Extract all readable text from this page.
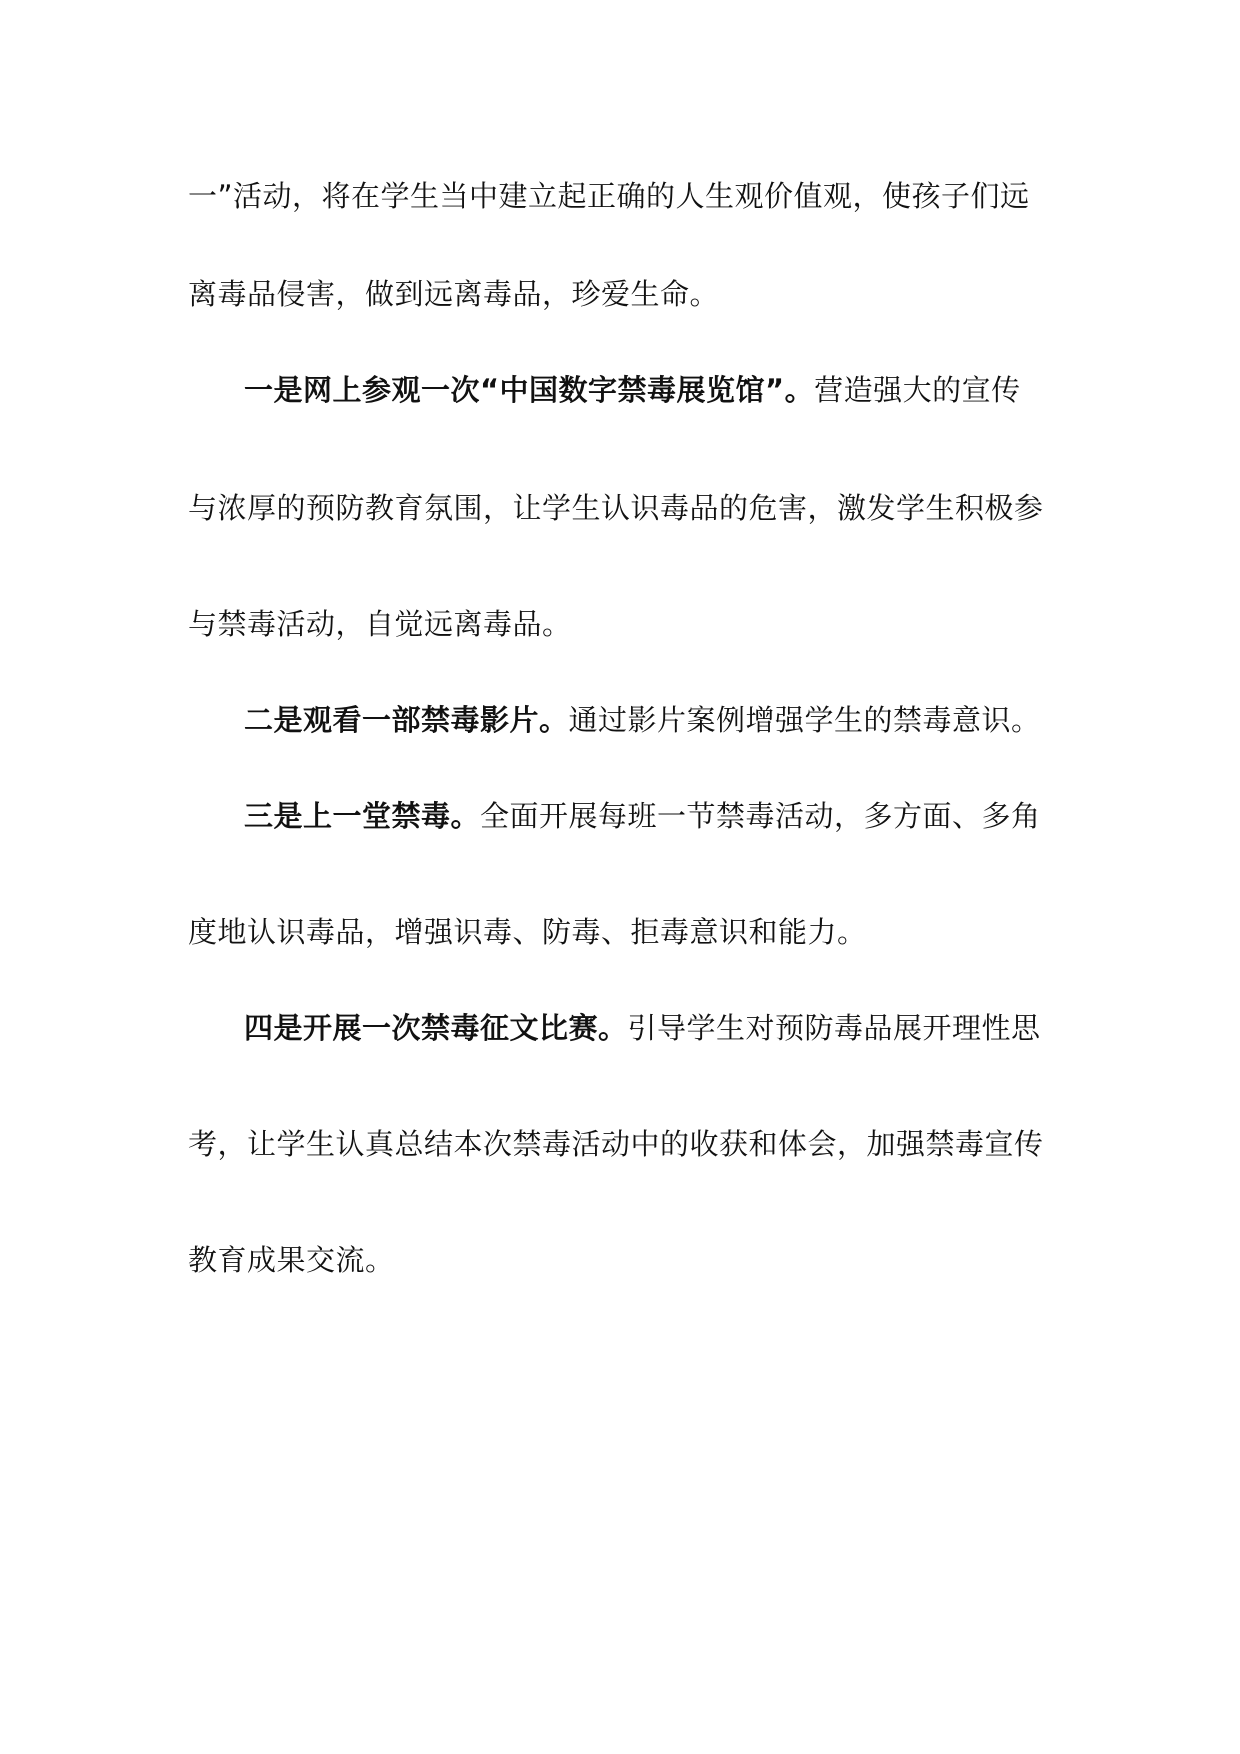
一”活动，将在学生当中建立起正确的人生观价值观，使孩子们远
离毒品侵害，做到远离毒品，珍爱生命。
一是网上参观一次“中国数字禁毒展览馆”。营造强大的宣传
与浓厚的预防教育氛围，让学生认识毒品的危害，激发学生积极参
与禁毒活动，自觉远离毒品。
二是观看一部禁毒影片。通过影片案例增强学生的禁毒意识。
三是上一堂禁毒。全面开展每班一节禁毒活动，多方面、多角
度地认识毒品，增强识毒、防毒、拒毒意识和能力。
四是开展一次禁毒征文比赛。引导学生对预防毒品展开理性思
考，让学生认真总结本次禁毒活动中的收获和体会，加强禁毒宣传
教育成果交流。
